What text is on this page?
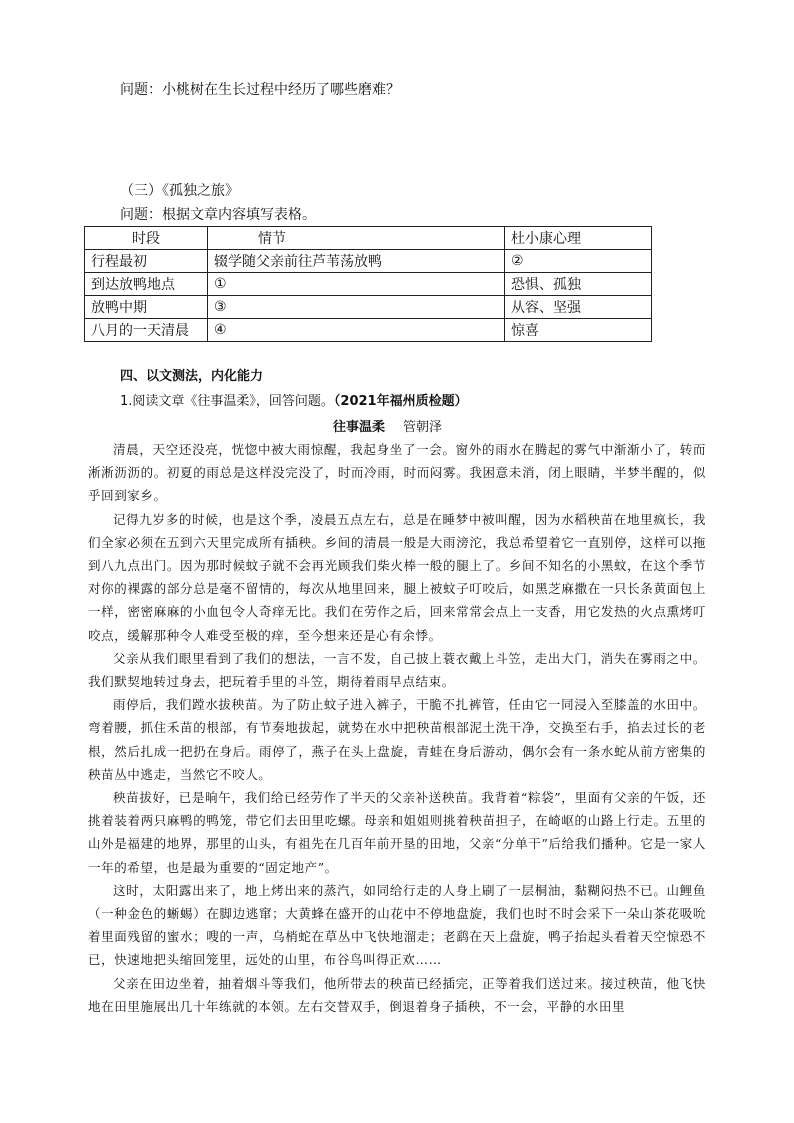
问题：小桃树在生长过程中经历了哪些磨难？
（三）《孤独之旅》
问题：根据文章内容填写表格。
时段	情节	杜小康心理
行程最初	辍学随父亲前往芦苇荡放鸭	②
到达放鸭地点	①	恐惧、孤独
放鸭中期	③	从容、坚强
八月的一天清晨	④	惊喜
四、以文测法，内化能力
1.阅读文章《往事温柔》，回答问题。（2021年福州质检题）
往事温柔 管朝泽

清晨，天空还没亮，恍惚中被大雨惊醒，我起身坐了一会。窗外的雨水在腾起的雾气中渐渐小了，转而淅淅沥沥的。初夏的雨总是这样没完没了，时而冷雨，时而闷雾。我困意未消，闭上眼睛，半梦半醒的，似乎回到家乡。

记得九岁多的时候，也是这个季，凌晨五点左右，总是在睡梦中被叫醒，因为水稻秧苗在地里疯长，我们全家必须在五到六天里完成所有插秧。乡间的清晨一般是大雨滂沱，我总希望着它一直别停，这样可以拖到八九点出门。因为那时候蚊子就不会再光顾我们柴火棒一般的腿上了。乡间不知名的小黑蚊，在这个季节对你的裸露的部分总是毫不留情的，每次从地里回来，腿上被蚊子叮咬后，如黑芝麻撒在一只长条黄面包上一样，密密麻麻的小血包令人奇痒无比。我们在劳作之后，回来常常会点上一支香，用它发热的火点熏烤叮咬点，缓解那种令人难受至极的痒，至今想来还是心有余悸。

父亲从我们眼里看到了我们的想法，一言不发，自己披上蓑衣戴上斗笠，走出大门，消失在雾雨之中。我们默契地转过身去，把玩着手里的斗笠，期待着雨早点结束。

雨停后，我们蹚水拔秧苗。为了防止蚊子进入裤子，干脆不扎裤管，任由它一同浸入至膝盖的水田中。弯着腰，抓住禾苗的根部，有节奏地拔起，就势在水中把秧苗根部泥土洗干净，交换至右手，掐去过长的老根，然后扎成一把扔在身后。雨停了，燕子在头上盘旋，青蛙在身后游动，偶尔会有一条水蛇从前方密集的秧苗丛中逃走，当然它不咬人。

秧苗拔好，已是晌午，我们给已经劳作了半天的父亲补送秧苗。我背着“粽袋”，里面有父亲的午饭，还挑着装着两只麻鸭的鸭笼，带它们去田里吃螺。母亲和姐姐则挑着秧苗担子，在崎岖的山路上行走。五里的山外是福建的地界，那里的山头，有祖先在几百年前开垦的田地，父亲“分单干”后给我们播种。它是一家人一年的希望，也是最为重要的“固定地产”。

这时，太阳露出来了，地上烤出来的蒸汽，如同给行走的人身上刷了一层桐油，黏糊闷热不已。山鲤鱼（一种金色的蜥蜴）在脚边逃窜；大黄蜂在盛开的山花中不停地盘旋，我们也时不时会采下一朵山茶花吸吮着里面残留的蜜水；嗖的一声，乌梢蛇在草丛中飞快地溜走；老鹞在天上盘旋，鸭子抬起头看着天空惊恐不已，快速地把头缩回笼里，远处的山里，布谷鸟叫得正欢……

父亲在田边坐着，抽着烟斗等我们，他所带去的秧苗已经插完，正等着我们送过来。接过秧苗，他飞快地在田里施展出几十年练就的本领。左右交替双手，倒退着身子插秧，不一会，平静的水田里
